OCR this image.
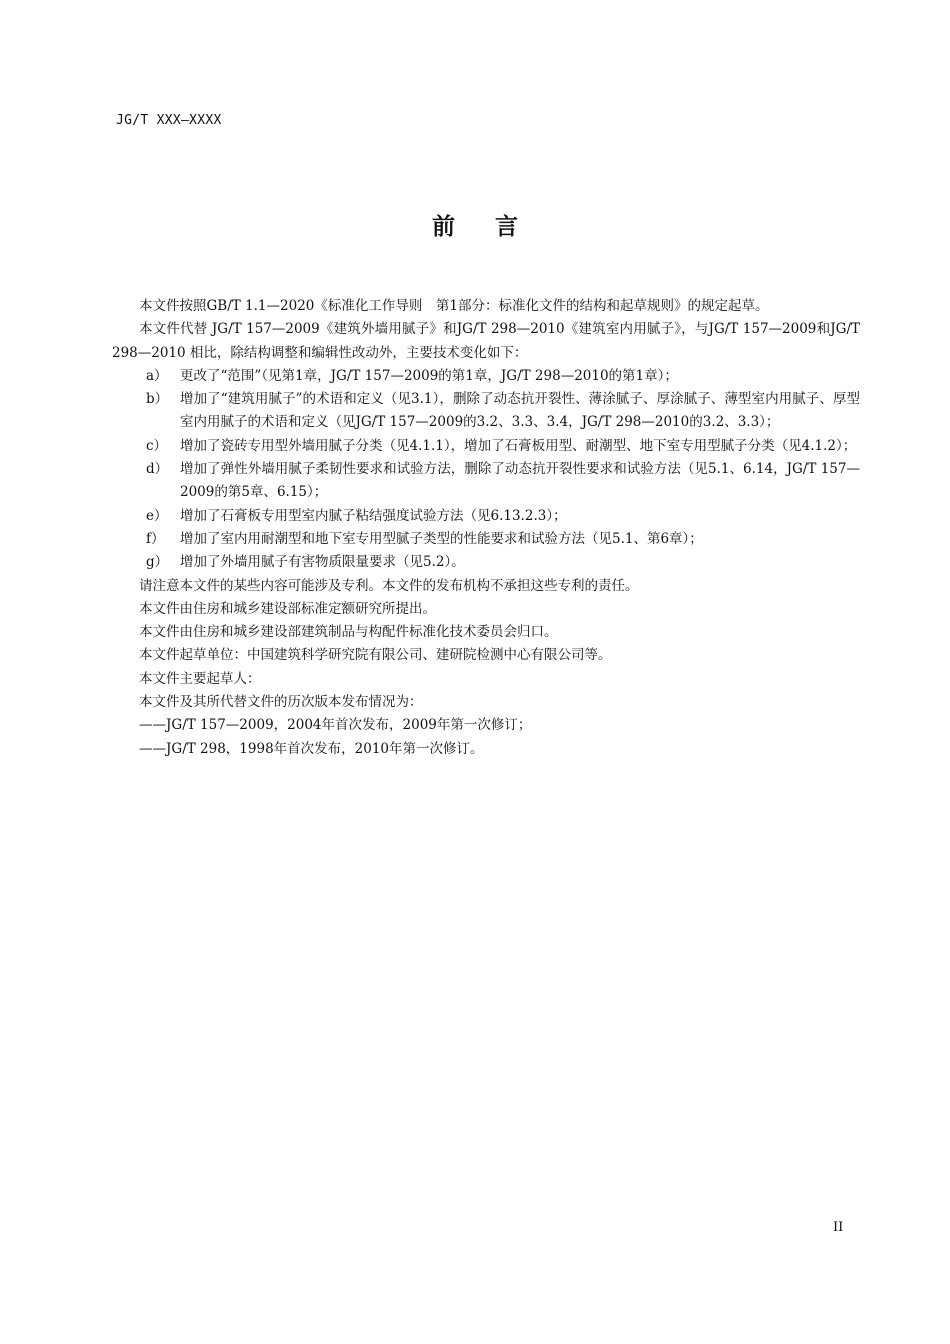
JG/T XXX—XXXX
前言
本文件按照GB/T 1.1—2020《标准化工作导则　第1部分：标准化文件的结构和起草规则》的规定起草。
本文件代替 JG/T 157—2009《建筑外墙用腻子》和JG/T 298—2010《建筑室内用腻子》，与JG/T 157—2009和JG/T 298—2010 相比，除结构调整和编辑性改动外，主要技术变化如下：
a） 更改了“范围”（见第1章，JG/T 157—2009的第1章，JG/T 298—2010的第1章）；
b） 增加了“建筑用腻子”的术语和定义（见3.1），删除了动态抗开裂性、薄涂腻子、厚涂腻子、薄型室内用腻子、厚型室内用腻子的术语和定义（见JG/T 157—2009的3.2、3.3、3.4，JG/T 298—2010的3.2、3.3）；
c） 增加了瓷砖专用型外墙用腻子分类（见4.1.1），增加了石膏板用型、耐潮型、地下室专用型腻子分类（见4.1.2）；
d） 增加了弹性外墙用腻子柔韧性要求和试验方法，删除了动态抗开裂性要求和试验方法（见5.1、6.14，JG/T 157—2009的第5章、6.15）；
e） 增加了石膏板专用型室内腻子粘结强度试验方法（见6.13.2.3）；
f）	增加了室内用耐潮型和地下室专用型腻子类型的性能要求和试验方法（见5.1、第6章）；
g） 增加了外墙用腻子有害物质限量要求（见5.2）。
请注意本文件的某些内容可能涉及专利。本文件的发布机构不承担这些专利的责任。
本文件由住房和城乡建设部标准定额研究所提出。
本文件由住房和城乡建设部建筑制品与构配件标准化技术委员会归口。
本文件起草单位：中国建筑科学研究院有限公司、建研院检测中心有限公司等。
本文件主要起草人：
本文件及其所代替文件的历次版本发布情况为：
——JG/T 157—2009，2004年首次发布，2009年第一次修订；
——JG/T 298，1998年首次发布，2010年第一次修订。
II
